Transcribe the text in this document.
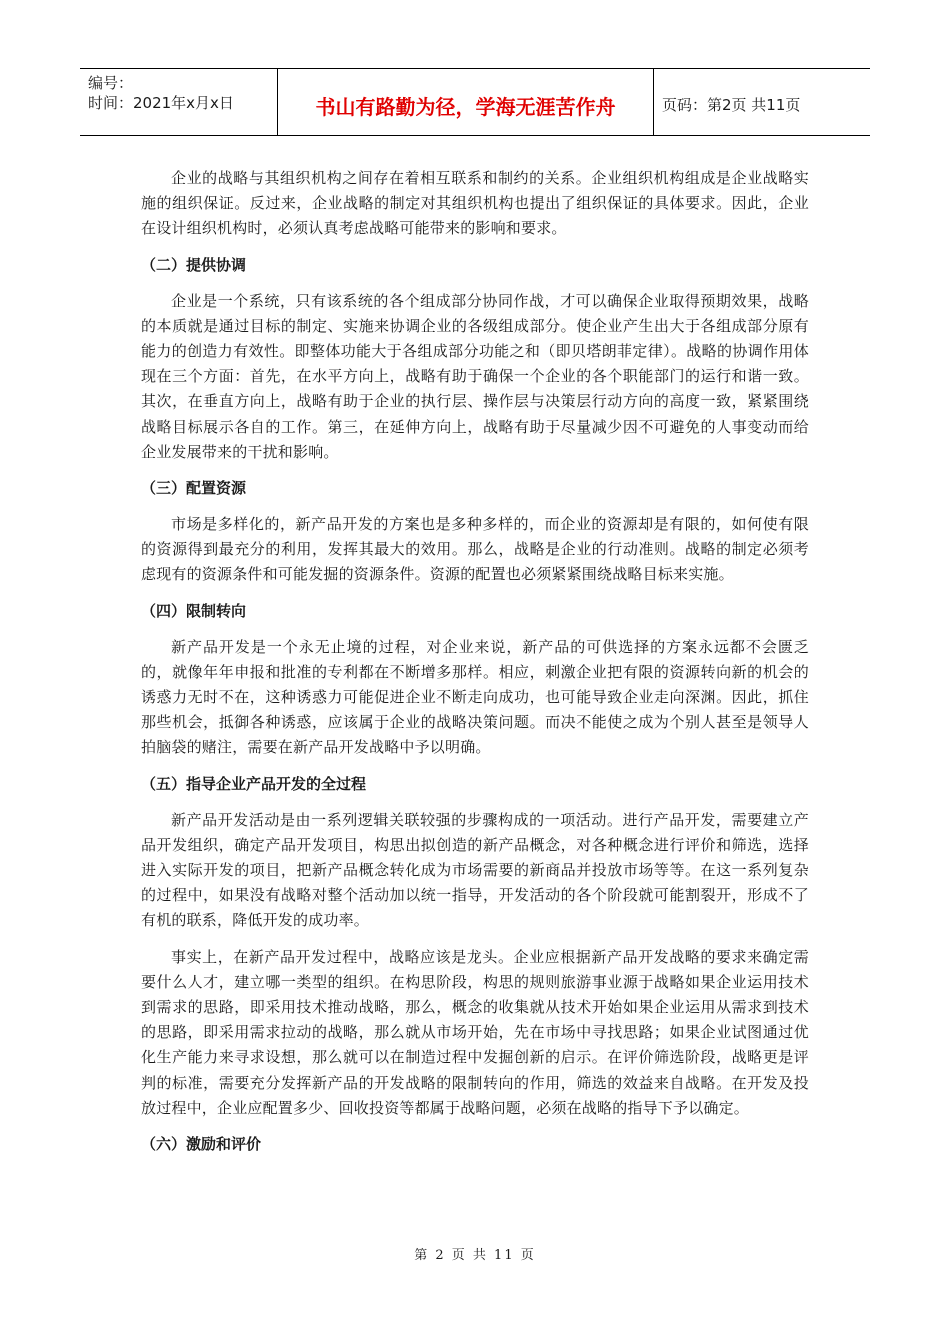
编号：
时间：2021年x月x日	书山有路勤为径，学海无涯苦作舟	页码：第2页 共11页

企业的战略与其组织机构之间存在着相互联系和制约的关系。企业组织机构组成是企业战略实施的组织保证。反过来，企业战略的制定对其组织机构也提出了组织保证的具体要求。因此，企业在设计组织机构时，必须认真考虑战略可能带来的影响和要求。

（二）提供协调

企业是一个系统，只有该系统的各个组成部分协同作战，才可以确保企业取得预期效果，战略的本质就是通过目标的制定、实施来协调企业的各级组成部分。使企业产生出大于各组成部分原有能力的创造力有效性。即整体功能大于各组成部分功能之和（即贝塔朗菲定律）。战略的协调作用体现在三个方面：首先，在水平方向上，战略有助于确保一个企业的各个职能部门的运行和谐一致。其次，在垂直方向上，战略有助于企业的执行层、操作层与决策层行动方向的高度一致，紧紧围绕战略目标展示各自的工作。第三，在延伸方向上，战略有助于尽量减少因不可避免的人事变动而给企业发展带来的干扰和影响。

（三）配置资源

市场是多样化的，新产品开发的方案也是多种多样的，而企业的资源却是有限的，如何使有限的资源得到最充分的利用，发挥其最大的效用。那么，战略是企业的行动准则。战略的制定必须考虑现有的资源条件和可能发掘的资源条件。资源的配置也必须紧紧围绕战略目标来实施。

（四）限制转向

新产品开发是一个永无止境的过程，对企业来说，新产品的可供选择的方案永远都不会匮乏的，就像年年申报和批准的专利都在不断增多那样。相应，刺激企业把有限的资源转向新的机会的诱惑力无时不在，这种诱惑力可能促进企业不断走向成功，也可能导致企业走向深渊。因此，抓住那些机会，抵御各种诱惑，应该属于企业的战略决策问题。而决不能使之成为个别人甚至是领导人拍脑袋的赌注，需要在新产品开发战略中予以明确。

（五）指导企业产品开发的全过程

新产品开发活动是由一系列逻辑关联较强的步骤构成的一项活动。进行产品开发，需要建立产品开发组织，确定产品开发项目，构思出拟创造的新产品概念，对各种概念进行评价和筛选，选择进入实际开发的项目，把新产品概念转化成为市场需要的新商品并投放市场等等。在这一系列复杂的过程中，如果没有战略对整个活动加以统一指导，开发活动的各个阶段就可能割裂开，形成不了有机的联系，降低开发的成功率。

事实上，在新产品开发过程中，战略应该是龙头。企业应根据新产品开发战略的要求来确定需要什么人才，建立哪一类型的组织。在构思阶段，构思的规则旅游事业源于战略如果企业运用技术到需求的思路，即采用技术推动战略，那么，概念的收集就从技术开始如果企业运用从需求到技术的思路，即采用需求拉动的战略，那么就从市场开始，先在市场中寻找思路；如果企业试图通过优化生产能力来寻求设想，那么就可以在制造过程中发掘创新的启示。在评价筛选阶段，战略更是评判的标准，需要充分发挥新产品的开发战略的限制转向的作用，筛选的效益来自战略。在开发及投放过程中，企业应配置多少、回收投资等都属于战略问题，必须在战略的指导下予以确定。

（六）激励和评价
第 2 页 共 11 页
